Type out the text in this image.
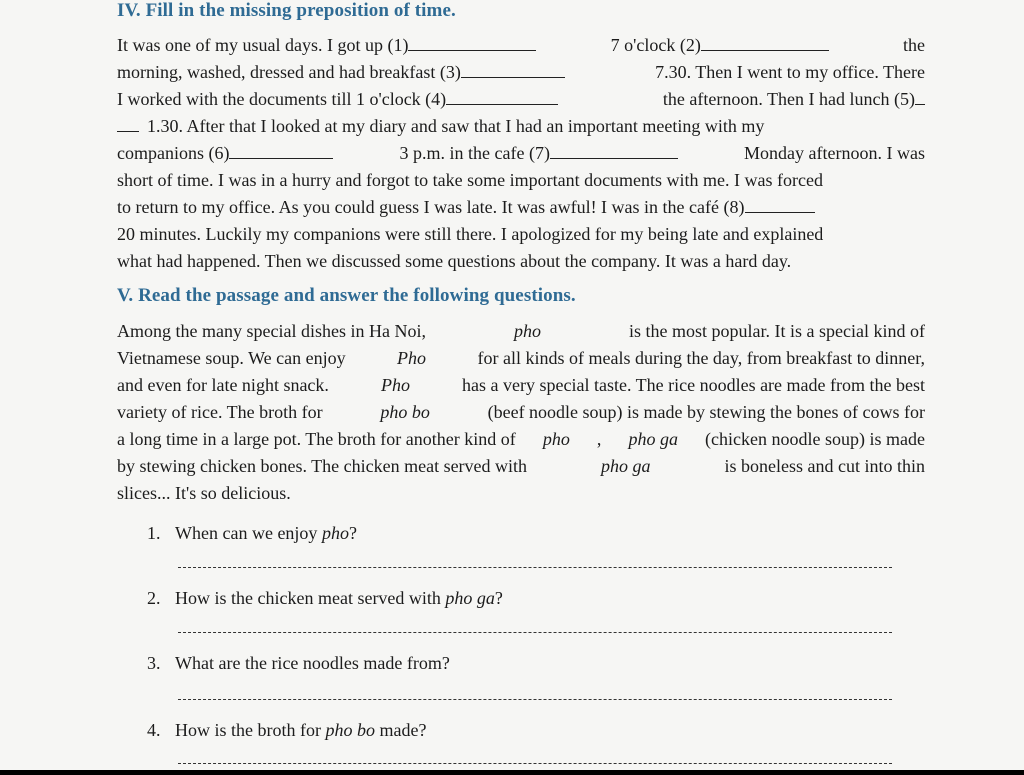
IV. Fill in the missing preposition of time.
It was one of my usual days. I got up (1)	7 o'clock (2)	the
morning, washed, dressed and had breakfast (3)	7.30. Then I went to my office. There
I worked with the documents till 1 o'clock (4)	the afternoon. Then I had lunch (5)
1.30. After that I looked at my diary and saw that I had an important meeting with my
companions (6)	3 p.m. in the cafe (7)	Monday afternoon. I was
short of time. I was in a hurry and forgot to take some important documents with me. I was forced
to return to my office. As you could guess I was late. It was awful! I was in the café (8)
20 minutes. Luckily my companions were still there. I apologized for my being late and explained
what had happened. Then we discussed some questions about the company. It was a hard day.
V. Read the passage and answer the following questions.
Among the many special dishes in Ha Noi,	pho	is the most popular. It is a special kind of
Vietnamese soup. We can enjoy	Pho	for all kinds of meals during the day, from breakfast to dinner,
and even for late night snack.	Pho	has a very special taste. The rice noodles are made from the best
variety of rice. The broth for	pho bo	(beef noodle soup) is made by stewing the bones of cows for
a long time in a large pot. The broth for another kind of pho , pho ga (chicken noodle soup) is made
by stewing chicken bones. The chicken meat served with	pho ga	is boneless and cut into thin
slices... It's so delicious.
1. When can we enjoy pho?
2. How is the chicken meat served with pho ga?
3. What are the rice noodles made from?
4. How is the broth for pho bo made?
